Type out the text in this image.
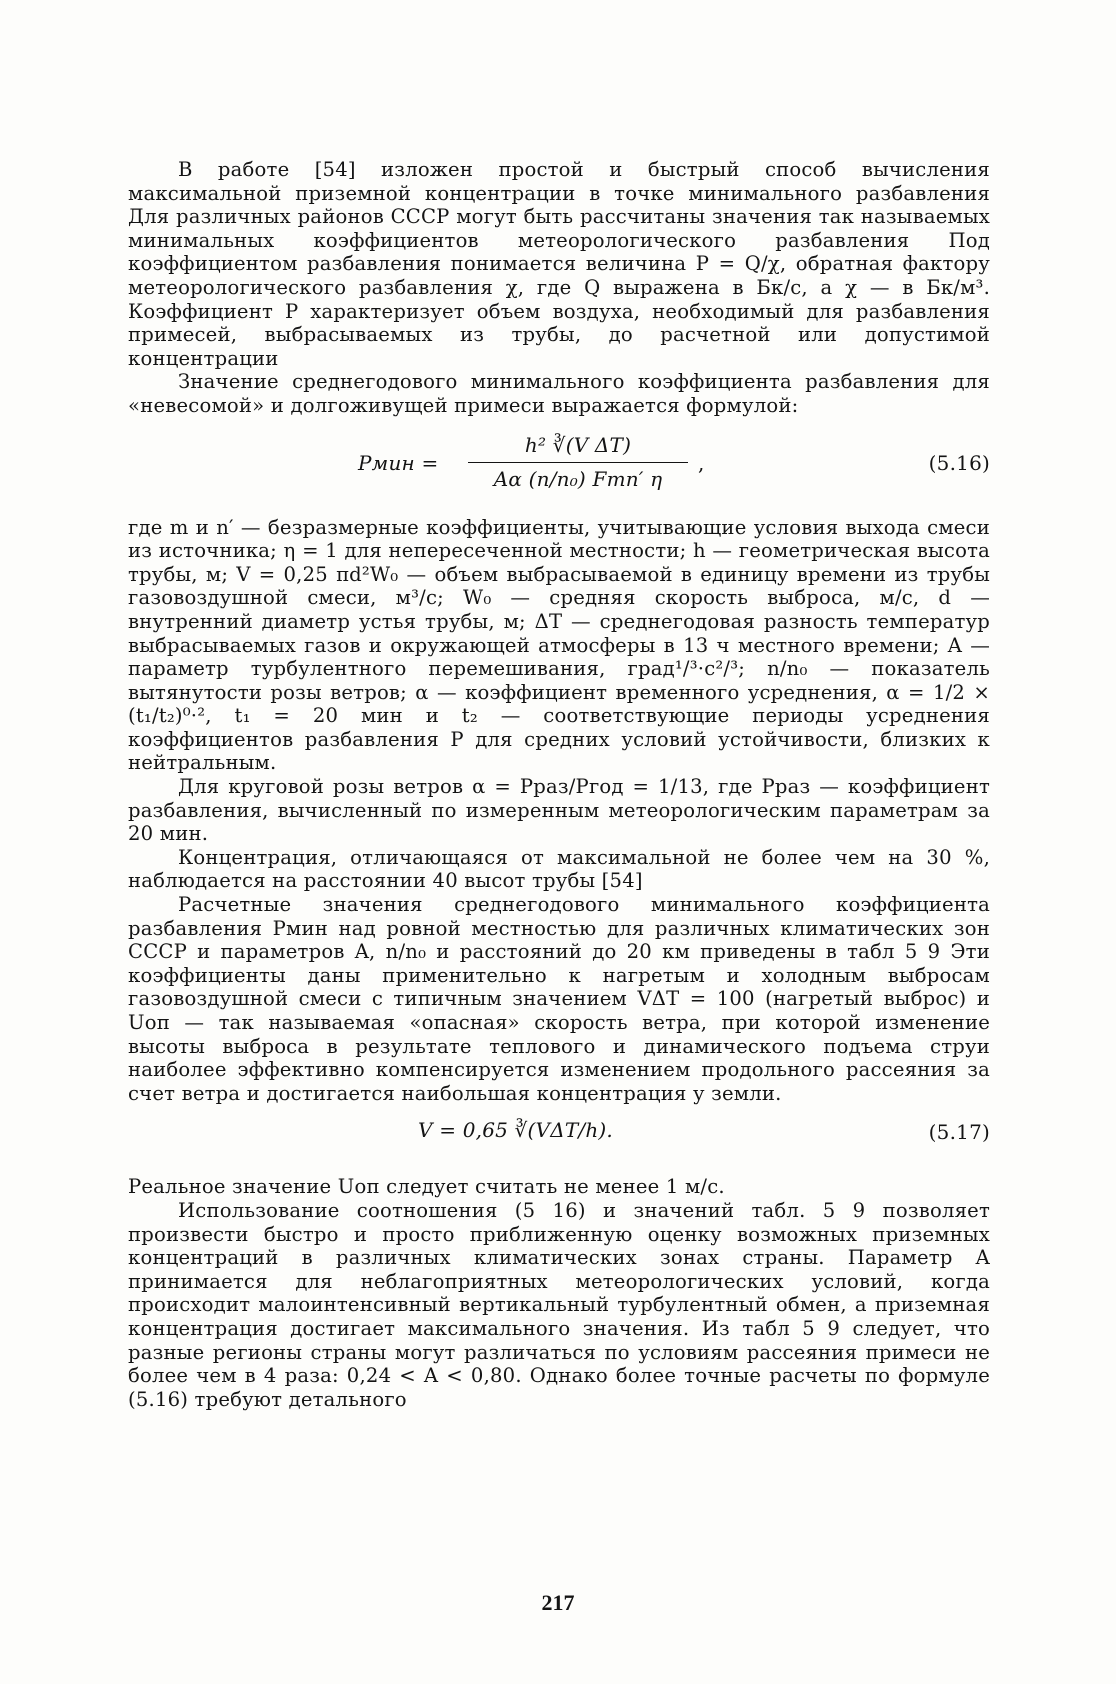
В работе [54] изложен простой и быстрый способ вычисления максимальной приземной концентрации в точке минимального разбавления Для различных районов СССР могут быть рассчитаны значения так называемых минимальных коэффициентов метеорологического разбавления Под коэффициентом разбавления понимается величина P = Q/χ, обратная фактору метеорологического разбавления χ, где Q выражена в Бк/с, а χ — в Бк/м³. Коэффициент P характеризует объем воздуха, необходимый для разбавления примесей, выбрасываемых из трубы, до расчетной или допустимой концентрации

Значение среднегодового минимального коэффициента разбавления для «невесомой» и долгоживущей примеси выражается формулой:

Pмин =
h² ∛(V ΔT)
Aα (n/n₀) Fmn′ η
,	(5.16)

где m и n′ — безразмерные коэффициенты, учитывающие условия выхода смеси из источника; η = 1 для непересеченной местности; h — геометрическая высота трубы, м; V = 0,25 πd²W₀ — объем выбрасываемой в единицу времени из трубы газовоздушной смеси, м³/с; W₀ — средняя скорость выброса, м/с, d — внутренний диаметр устья трубы, м; ΔT — среднегодовая разность температур выбрасываемых газов и окружающей атмосферы в 13 ч местного времени; A — параметр турбулентного перемешивания, град¹/³·с²/³; n/n₀ — показатель вытянутости розы ветров; α — коэффициент временного усреднения, α = 1/2 × (t₁/t₂)⁰·², t₁ = 20 мин и t₂ — соответствующие периоды усреднения коэффициентов разбавления P для средних условий устойчивости, близких к нейтральным.

Для круговой розы ветров α = Pраз/Pгод = 1/13, где Pраз — коэффициент разбавления, вычисленный по измеренным метеорологическим параметрам за 20 мин.

Концентрация, отличающаяся от максимальной не более чем на 30 %, наблюдается на расстоянии 40 высот трубы [54]

Расчетные значения среднегодового минимального коэффициента разбавления Pмин над ровной местностью для различных климатических зон СССР и параметров A, n/n₀ и расстояний до 20 км приведены в табл 5 9 Эти коэффициенты даны применительно к нагретым и холодным выбросам газовоздушной смеси с типичным значением VΔT = 100 (нагретый выброс) и Uоп — так называемая «опасная» скорость ветра, при которой изменение высоты выброса в результате теплового и динамического подъема струи наиболее эффективно компенсируется изменением продольного рассеяния за счет ветра и достигается наибольшая концентрация у земли.

V = 0,65 ∛(VΔT/h).	(5.17)

Реальное значение Uоп следует считать не менее 1 м/с.

Использование соотношения (5 16) и значений табл. 5 9 позволяет произвести быстро и просто приближенную оценку возможных приземных концентраций в различных климатических зонах страны. Параметр A принимается для неблагоприятных метеорологических условий, когда происходит малоинтенсивный вертикальный турбулентный обмен, а приземная концентрация достигает максимального значения. Из табл 5 9 следует, что разные регионы страны могут различаться по условиям рассеяния примеси не более чем в 4 раза: 0,24 < A < 0,80. Однако более точные расчеты по формуле (5.16) требуют детального

217
